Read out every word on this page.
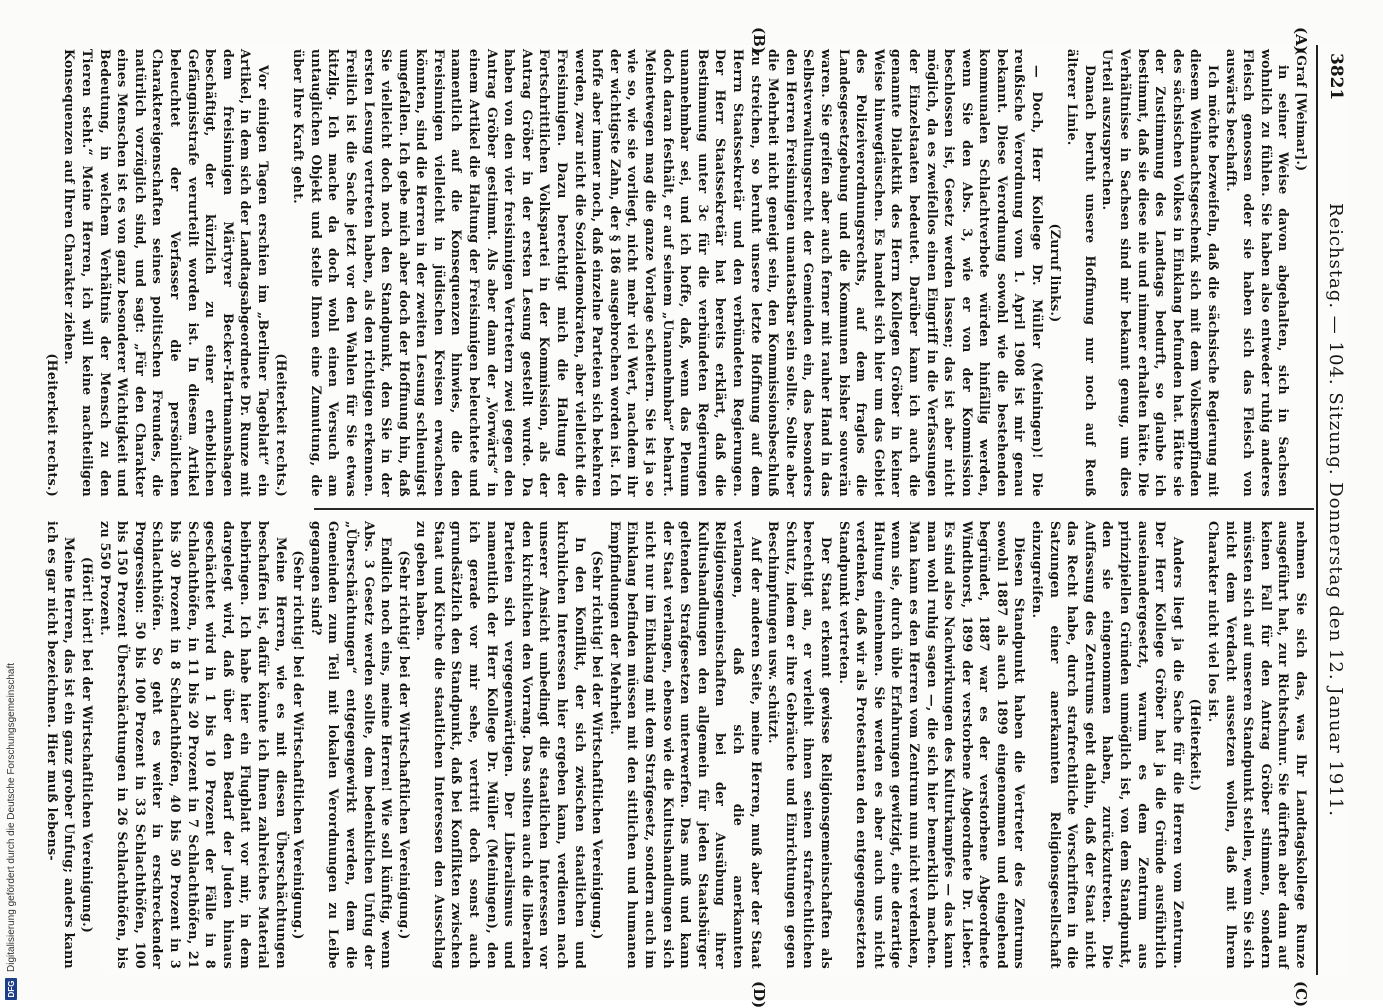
3821
Reichstag. — 104. Sitzung. Donnerstag den 12. Januar 1911.
(A)
(B)
(C)
(D)

(Graf [Weimar].)

in seiner Weise davon abgehalten, sich in Sachsen wohnlich zu fühlen. Sie haben also entweder ruhig anderes Fleisch genossen oder sie haben sich das Fleisch von auswärts beschafft.

Ich möchte bezweifeln, daß die sächsische Regierung mit diesem Weihnachtsgeschenk sich mit dem Volksempfinden des sächsischen Volkes in Einklang befunden hat. Hätte sie der Zustimmung des Landtags bedurft, so glaube ich bestimmt, daß sie diese nie und nimmer erhalten hätte. Die Verhältnisse in Sachsen sind mir bekannt genug, um dies Urteil auszusprechen.

Danach beruht unsere Hoffnung nur noch auf Reuß älterer Linie.

(Zuruf links.)

— Doch, Herr Kollege Dr. Müller (Meiningen)! Die reußische Verordnung vom 1. April 1908 ist mir genau bekannt. Diese Verordnung sowohl wie die bestehenden kommunalen Schlachtverbote würden hinfällig werden, wenn Sie den Abs. 3, wie er von der Kommission beschlossen ist, Gesetz werden lassen; das ist aber nicht möglich, da es zweifellos einen Eingriff in die Verfassungen der Einzelstaaten bedeutet. Darüber kann ich auch die genannte Dialektik des Herrn Kollegen Gröber in keiner Weise hinwegtäuschen. Es handelt sich hier um das Gebiet des Polizeiverordnungsrechts, auf dem fraglos die Landesgesetzgebung und die Kommunen bisher souverän waren. Sie greifen aber auch ferner mit rauher Hand in das Selbstverwaltungsrecht der Gemeinden ein, das besonders den Herren Freisinnigen unantastbar sein sollte. Sollte aber die Mehrheit nicht geneigt sein, den Kommissionsbeschluß zu streichen, so beruht unsere letzte Hoffnung auf dem Herrn Staatssekretär und den verbündeten Regierungen. Der Herr Staatssekretär hat bereits erklärt, daß die Bestimmung unter 3c für die verbündeten Regierungen unannehmbar sei, und ich hoffe, daß, wenn das Plenum doch daran festhält, er auf seinem „Unannehmbar“ beharrt. Meinetwegen mag die ganze Vorlage scheitern. Sie ist ja so wie so, wie sie vorliegt, nicht mehr viel Wert, nachdem ihr der wichtigste Zahn, der § 186 ausgebrochen worden ist. Ich hoffe aber immer noch, daß einzelne Parteien sich bekehren werden, zwar nicht die Sozialdemokraten, aber vielleicht die Freisinnigen. Dazu berechtigt mich die Haltung der Fortschrittlichen Volkspartei in der Kommission, als der Antrag Gröber in der ersten Lesung gestellt wurde. Da haben von den vier freisinnigen Vertretern zwei gegen den Antrag Gröber gestimmt. Als aber dann der „Vorwärts“ in einem Artikel die Haltung der Freisinnigen beleuchtete und namentlich auf die Konsequenzen hinwies, die den Freisinnigen vielleicht in jüdischen Kreisen erwachsen könnten, sind die Herren in der zweiten Lesung schleunigst umgefallen. Ich gebe mich aber doch der Hoffnung hin, daß Sie vielleicht doch noch den Standpunkt, den Sie in der ersten Lesung vertreten haben, als den richtigen erkennen. Freilich ist die Sache jetzt vor den Wahlen für Sie etwas kitzlig. Ich mache da doch wohl einen Versuch am untauglichen Objekt und stelle Ihnen eine Zumutung, die über Ihre Kraft geht.

(Heiterkeit rechts.)

Vor einigen Tagen erschien im „Berliner Tageblatt“ ein Artikel, in dem sich der Landtagsabgeordnete Dr. Runze mit dem freisinnigen Märtyrer Becker-Hartmannshagen beschäftigt, der kürzlich zu einer erheblichen Gefängnisstrafe verurteilt worden ist. In diesem Artikel beleuchtet der Verfasser die persönlichen Charaktereigenschaften seines politischen Freundes, die natürlich vorzüglich sind, und sagt: „Für den Charakter eines Menschen ist es von ganz besonderer Wichtigkeit und Bedeutung, in welchem Verhältnis der Mensch zu den Tieren steht.“ Meine Herren, ich will keine nachteiligen Konsequenzen auf Ihren Charakter ziehen.

(Heiterkeit rechts.)

nehmen Sie sich das, was Ihr Landtagskollege Runze ausgeführt hat, zur Richtschnur. Sie dürften aber dann auf keinen Fall für den Antrag Gröber stimmen, sondern müssten sich auf unseren Standpunkt stellen, wenn Sie sich nicht dem Verdacht aussetzen wollen, daß mit Ihrem Charakter nicht viel los ist.

(Heiterkeit.)

Anders liegt ja die Sache für die Herren vom Zentrum. Der Herr Kollege Gröber hat ja die Gründe ausführlich auseinandergesetzt, warum es dem Zentrum aus prinzipiellen Gründen unmöglich ist, von dem Standpunkt, den sie eingenommen haben, zurückzutreten. Die Auffassung des Zentrums geht dahin, daß der Staat nicht das Recht habe, durch strafrechtliche Vorschriften in die Satzungen einer anerkannten Religionsgesellschaft einzugreifen.

Diesen Standpunkt haben die Vertreter des Zentrums sowohl 1887 als auch 1899 eingenommen und eingehend begründet, 1887 war es der verstorbene Abgeordnete Windthorst, 1899 der verstorbene Abgeordnete Dr. Lieber. Es sind also Nachwirkungen des Kulturkampfes — das kann man wohl ruhig sagen —, die sich hier bemerklich machen. Man kann es den Herren vom Zentrum nun nicht verdenken, wenn sie, durch üble Erfahrungen gewitzigt, eine derartige Haltung einnehmen. Sie werden es aber auch uns nicht verdenken, daß wir als Protestanten den entgegengesetzten Standpunkt vertreten.

Der Staat erkennt gewisse Religionsgemeinschaften als berechtigt an, er verleiht ihnen seinen strafrechtlichen Schutz, indem er ihre Gebräuche und Einrichtungen gegen Beschimpfungen usw. schützt.

Auf der anderen Seite, meine Herren, muß aber der Staat verlangen, daß sich die anerkannten Religionsgemeinschaften bei der Ausübung ihrer Kultushandlungen den allgemein für jeden Staatsbürger geltenden Strafgesetzen unterwerfen. Das muß und kann der Staat verlangen, ebenso wie die Kultushandlungen sich nicht nur im Einklang mit dem Strafgesetz, sondern auch im Einklang befinden müssen mit den sittlichen und humanen Empfindungen der Mehrheit.

(Sehr richtig! bei der Wirtschaftlichen Vereinigung.)

In den Konflikt, der sich zwischen staatlichen und kirchlichen Interessen hier ergeben kann, verdienen nach unserer Ansicht unbedingt die staatlichen Interessen vor den kirchlichen den Vorrang. Das sollten auch die liberalen Parteien sich vergegenwärtigen. Der Liberalismus und namentlich der Herr Kollege Dr. Müller (Meiningen), den ich gerade vor mir sehe, vertritt doch sonst auch grundsätzlich den Standpunkt, daß bei Konflikten zwischen Staat und Kirche die staatlichen Interessen den Ausschlag zu geben haben.

(Sehr richtig! bei der Wirtschaftlichen Vereinigung.)

Endlich noch eins, meine Herren! Wie soll künftig, wenn Abs. 3 Gesetz werden sollte, dem bedenklichen Unfug der „Überschächtungen“ entgegengewirkt werden, dem die Gemeinden zum Teil mit lokalen Verordnungen zu Leibe gegangen sind?

(Sehr richtig! bei der Wirtschaftlichen Vereinigung.)

Meine Herren, wie es mit diesen Überschächtungen beschaffen ist, dafür könnte ich Ihnen zahlreiches Material beibringen. Ich habe hier ein Flugblatt vor mir, in dem dargelegt wird, daß über den Bedarf der Juden hinaus geschächtet wird in 1 bis 10 Prozent der Fälle in 8 Schlachthöfen, in 11 bis 20 Prozent in 7 Schlachthöfen, 21 bis 30 Prozent in 8 Schlachthöfen, 40 bis 50 Prozent in 3 Schlachthöfen. So geht es weiter in erschreckender Progression: 50 bis 100 Prozent in 33 Schlachthöfen, 100 bis 150 Prozent Überschächtungen in 26 Schlachthöfen, bis zu 550 Prozent.

(Hört! hört! bei der Wirtschaftlichen Vereinigung.)

Meine Herren, das ist ein ganz grober Unfug; anders kann ich es gar nicht bezeichnen. Hier muß lebens-

DFG
Digitalisierung gefördert durch die Deutsche Forschungsgemeinschaft
